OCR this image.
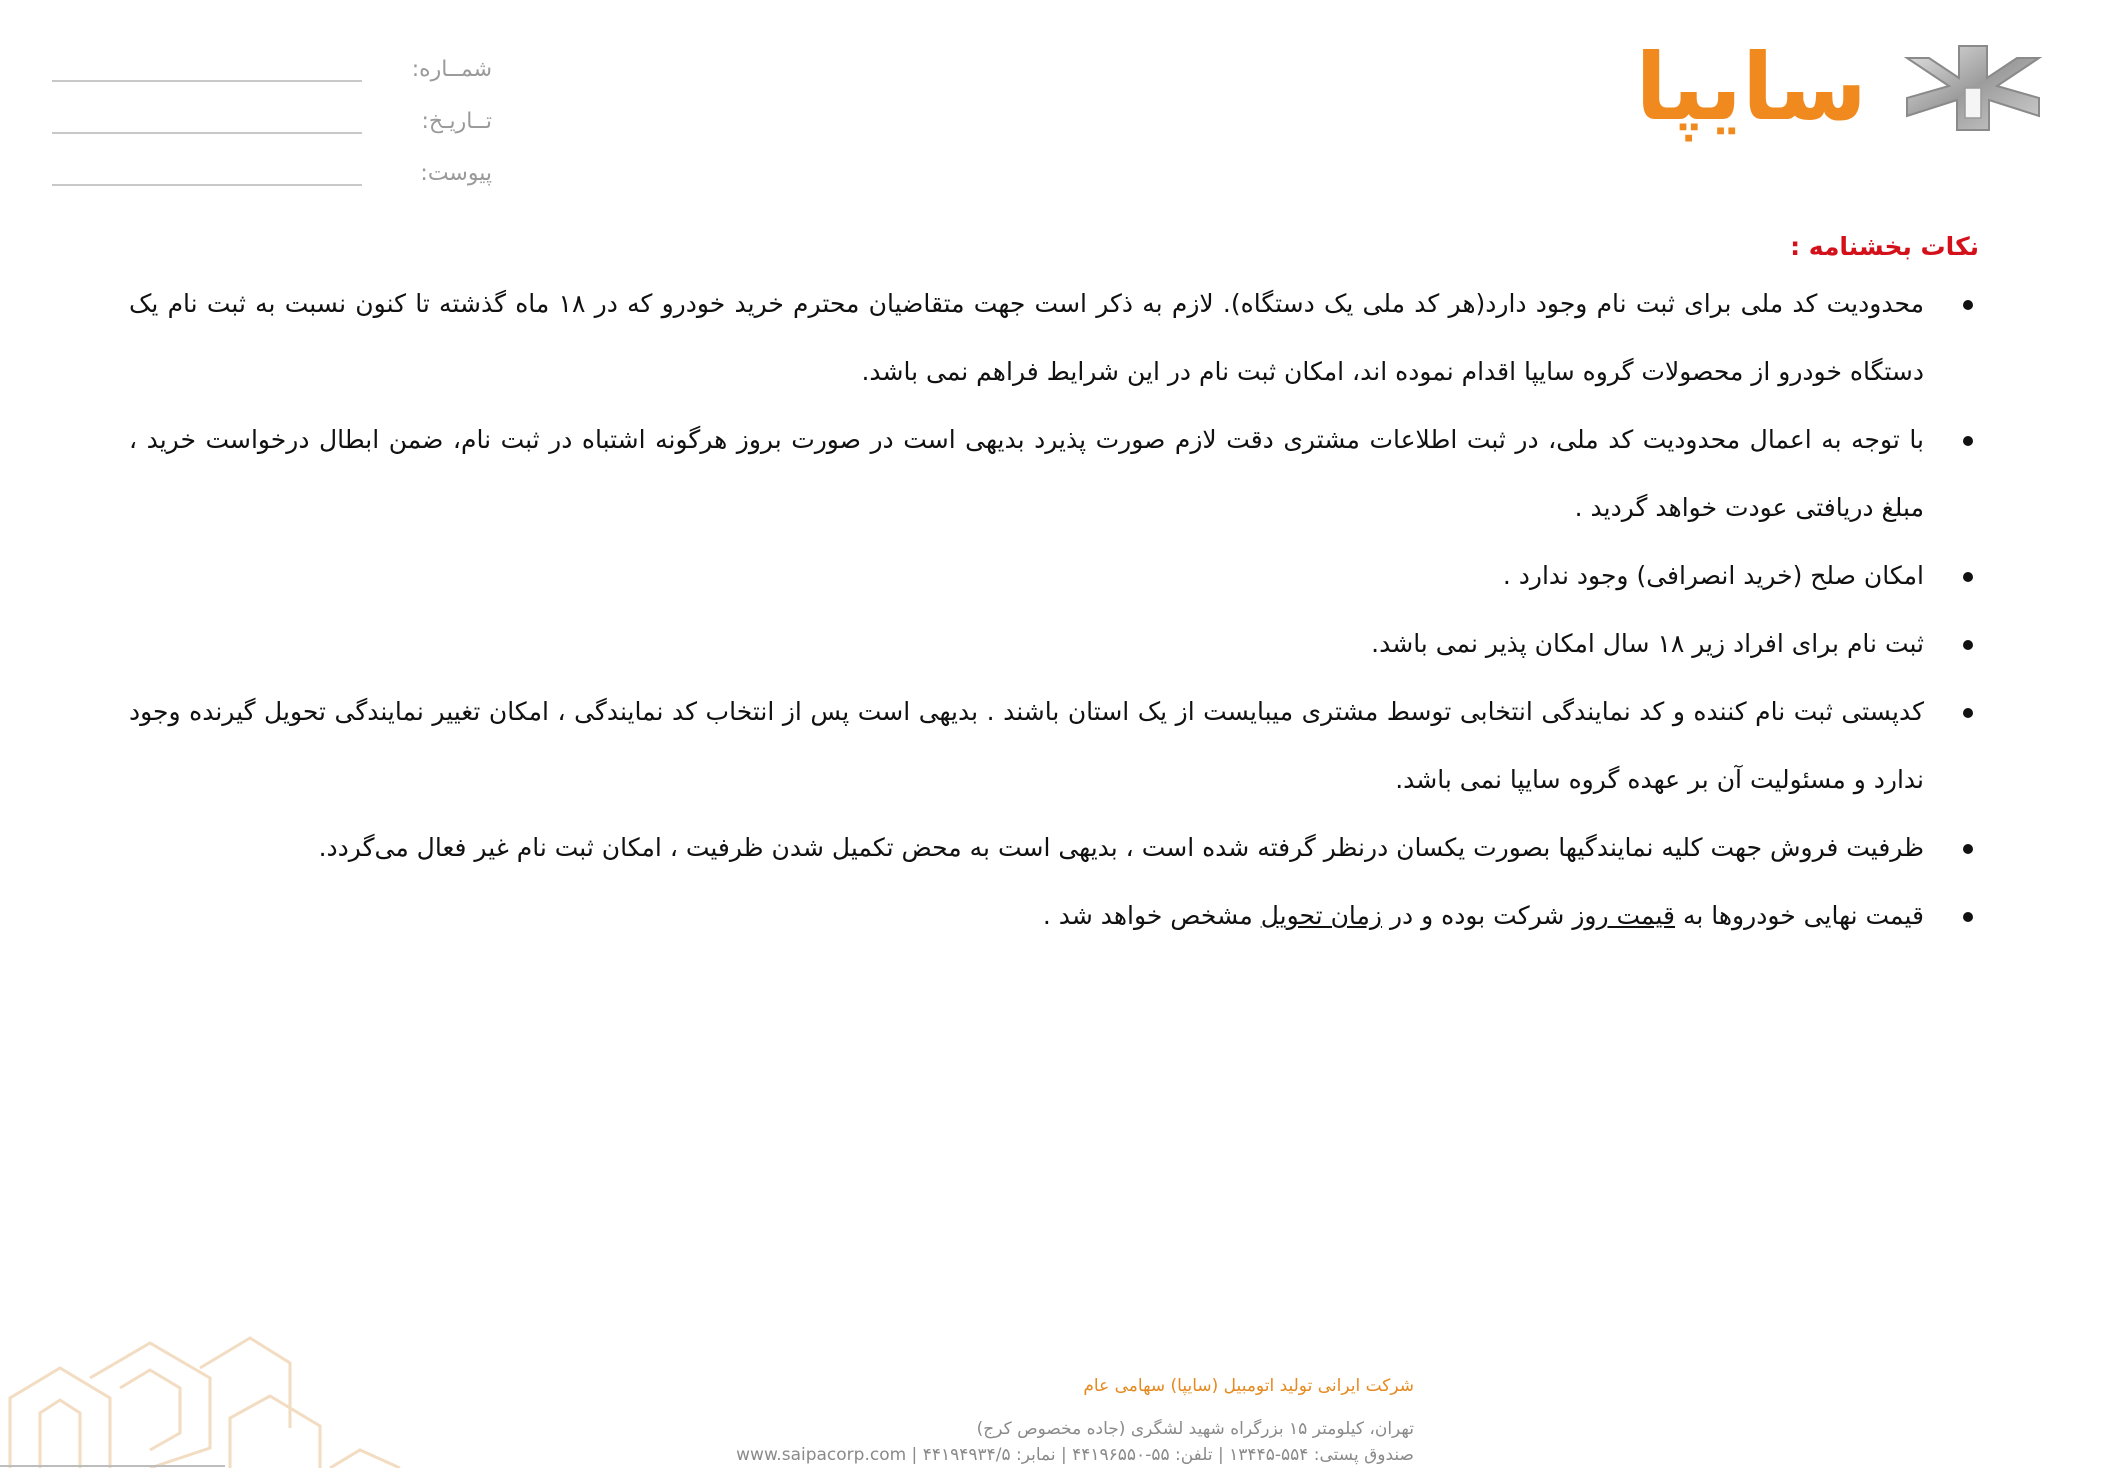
سایپا
شمــاره:
تــاریـخ:
پیوست:
نکات بخشنامه :
محدودیت کد ملی برای ثبت نام وجود دارد(هر کد ملی یک دستگاه). لازم به ذکر است جهت متقاضیان محترم خرید خودرو که در ۱۸ ماه گذشته تا کنون نسبت به ثبت نام یک دستگاه خودرو از محصولات گروه سایپا اقدام نموده اند، امکان ثبت نام در این شرایط فراهم نمی باشد.
با توجه به اعمال محدودیت کد ملی، در ثبت اطلاعات مشتری دقت لازم صورت پذیرد بدیهی است در صورت بروز هرگونه اشتباه در ثبت نام، ضمن ابطال درخواست خرید ، مبلغ دریافتی عودت خواهد گردید .
امکان صلح (خرید انصرافی) وجود ندارد .
ثبت نام برای افراد زیر ۱۸ سال امکان پذیر نمی باشد.
کدپستی ثبت نام کننده و کد نمایندگی انتخابی توسط مشتری میبایست از یک استان باشند . بدیهی است پس از انتخاب کد نمایندگی ، امکان تغییر نمایندگی تحویل گیرنده وجود ندارد و مسئولیت آن بر عهده گروه سایپا نمی باشد.
ظرفیت فروش جهت کلیه نمایندگیها بصورت یکسان درنظر گرفته شده است ، بدیهی است به محض تکمیل شدن ظرفیت ، امکان ثبت نام غیر فعال می‌گردد.
قیمت نهایی خودروها به قیمت روز شرکت بوده و در زمان تحویل مشخص خواهد شد .
شرکت ایرانی تولید اتومبیل (سایپا) سهامی عام
تهران، کیلومتر ۱۵ بزرگراه شهید لشگری (جاده مخصوص کرج)
صندوق پستی: ۵۵۴-۱۳۴۴۵ | تلفن: ۵۵-۴۴۱۹۶۵۵۰ | نمابر: ۴۴۱۹۴۹۳۴/۵ | www.saipacorp.com
